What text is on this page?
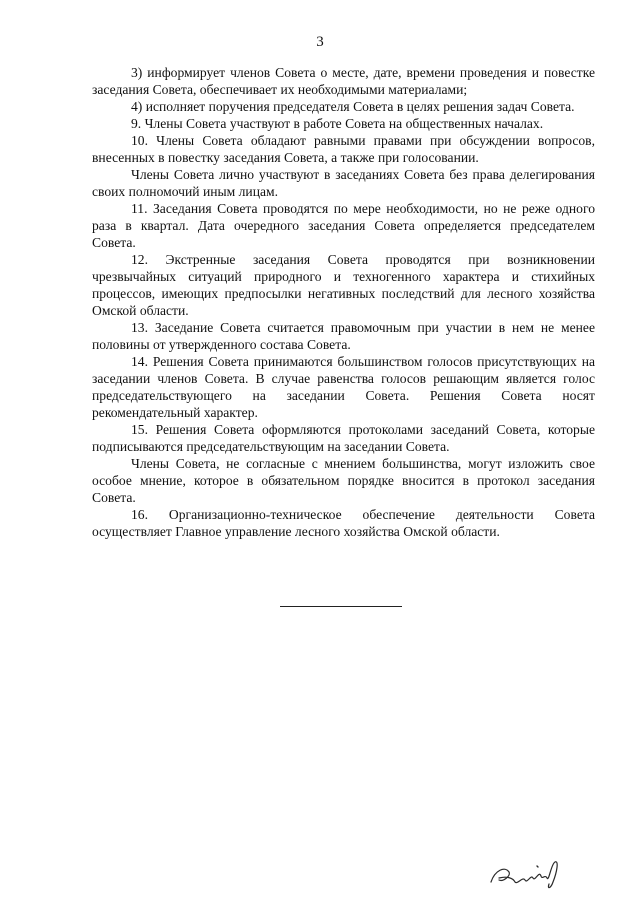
3

3) информирует членов Совета о месте, дате, времени проведения и повестке заседания Совета, обеспечивает их необходимыми материалами;

4) исполняет поручения председателя Совета в целях решения задач Совета.

9. Члены Совета участвуют в работе Совета на общественных началах.

10. Члены Совета обладают равными правами при обсуждении вопросов, внесенных в повестку заседания Совета, а также при голосовании.

Члены Совета лично участвуют в заседаниях Совета без права делегирования своих полномочий иным лицам.

11. Заседания Совета проводятся по мере необходимости, но не реже одного раза в квартал. Дата очередного заседания Совета определяется председателем Совета.

12. Экстренные заседания Совета проводятся при возникновении чрезвычайных ситуаций природного и техногенного характера и стихийных процессов, имеющих предпосылки негативных последствий для лесного хозяйства Омской области.

13. Заседание Совета считается правомочным при участии в нем не менее половины от утвержденного состава Совета.

14. Решения Совета принимаются большинством голосов присутствующих на заседании членов Совета. В случае равенства голосов решающим является голос председательствующего на заседании Совета. Решения Совета носят рекомендательный характер.

15. Решения Совета оформляются протоколами заседаний Совета, которые подписываются председательствующим на заседании Совета.

Члены Совета, не согласные с мнением большинства, могут изложить свое особое мнение, которое в обязательном порядке вносится в протокол заседания Совета.

16. Организационно-техническое обеспечение деятельности Совета осуществляет Главное управление лесного хозяйства Омской области.
